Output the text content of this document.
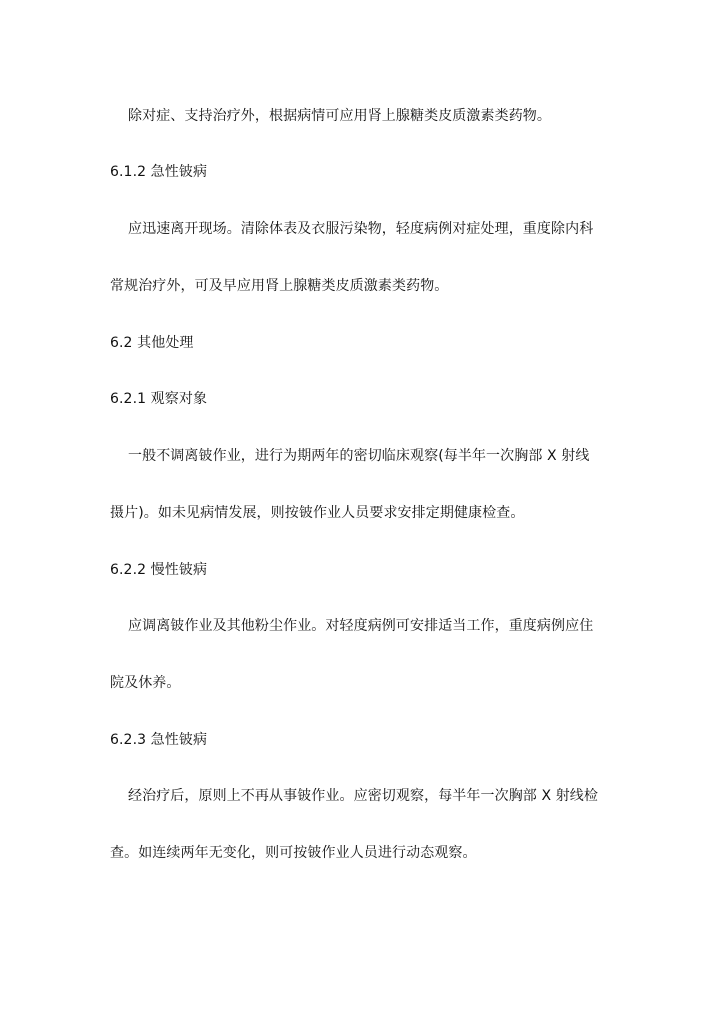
除对症、支持治疗外，根据病情可应用肾上腺糖类皮质激素类药物。
6.1.2 急性铍病
应迅速离开现场。清除体表及衣服污染物，轻度病例对症处理，重度除内科
常规治疗外，可及早应用肾上腺糖类皮质激素类药物。
6.2 其他处理
6.2.1 观察对象
一般不调离铍作业，进行为期两年的密切临床观察(每半年一次胸部 X 射线
摄片)。如未见病情发展，则按铍作业人员要求安排定期健康检查。
6.2.2 慢性铍病
应调离铍作业及其他粉尘作业。对轻度病例可安排适当工作，重度病例应住
院及休养。
6.2.3 急性铍病
经治疗后，原则上不再从事铍作业。应密切观察，每半年一次胸部 X 射线检
查。如连续两年无变化，则可按铍作业人员进行动态观察。
